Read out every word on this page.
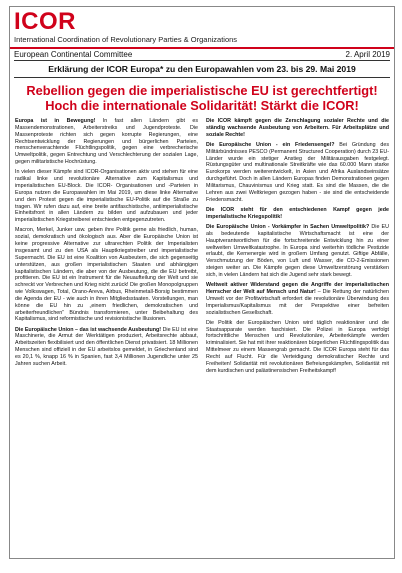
ICOR
International Coordination of Revolutionary Parties & Organizations
European Continental Committee	2. April 2019
Erklärung der ICOR Europa* zu den Europawahlen vom 23. bis 29. Mai 2019
Rebellion gegen die imperialistische EU ist gerechtfertigt!
Hoch die internationale Solidarität! Stärkt die ICOR!

Europa ist in Bewegung! In fast allen Ländern gibt es Massendemonstrationen, Arbeiterstreiks und Jugendproteste. Die Massenproteste richten sich gegen korrupte Regierungen, eine Rechtsentwicklung der Regierungen und bürgerlichen Parteien, menschenverachtende Flüchtlingspolitik, gegen eine verbrecherische Umweltpolitik, gegen Entrechtung und Verschlechterung der sozialen Lage, gegen militaristische Hochrüstung.

In vielen dieser Kämpfe sind ICOR-Organisationen aktiv und stehen für eine radikal linke und revolutionäre Alternative zum Kapitalismus und imperialistischen EU-Block. Die ICOR- Organisationen und -Parteien in Europa nutzen die Europawahlen im Mai 2019, um diese linke Alternative und den Protest gegen die imperialistische EU-Politik auf die Straße zu tragen. Wir rufen dazu auf, eine breite antifaschistische, antiimperialistische Einheitsfront in allen Ländern zu bilden und aufzubauen und jeder imperialistischen Kriegstreiberei entschieden entgegenzutreten.

Macron, Merkel, Junker usw. geben ihre Politik gerne als friedlich, human, sozial, demokratisch und ökologisch aus. Aber die Europäische Union ist keine progressive Alternative zur ultrarechten Politik der Imperialisten insgesamt und zu den USA als Hauptkriegstreiber und imperialistische Supermacht. Die EU ist eine Koalition von Ausbeutern, die sich gegenseitig unterstützen, aus großen imperialistischen Staaten und abhängigen kapitalistischen Ländern, die aber von der Ausbeutung, die die EU betreibt, profitieren. Die EU ist ein Instrument für die Neuaufteilung der Welt und sie schreckt vor Verbrechen und Krieg nicht zurück! Die großen Monopolgruppen wie Volkswagen, Total, Orano-Areva, Airbus, Rheinmetall-Borsig bestimmen die Agenda der EU - wie auch in ihren Mitgliedsstaaten. Vorstellungen, man könne die EU hin zu „einem friedlichen, demokratischen und arbeiterfreundlichen“ Bündnis transformieren, unter Beibehaltung des Kapitalismus, sind reformistische und revisionistische Illusionen.

Die Europäische Union – das ist wachsende Ausbeutung! Die EU ist eine Maschinerie, die Armut der Werktätigen produziert, Arbeitsrechte abbaut, Arbeitszeiten flexibilisiert und den öffentlichen Dienst privatisiert. 18 Millionen Menschen sind offiziell in der EU arbeitslos gemeldet, in Griechenland sind es 20,1 %, knapp 16 % in Spanien, fast 3,4 Millionen Jugendliche unter 25 Jahren suchen Arbeit.

Die ICOR kämpft gegen die Zerschlagung sozialer Rechte und die ständig wachsende Ausbeutung von Arbeitern. Für Arbeitsplätze und soziale Rechte!

Die Europäische Union - ein Friedensengel? Bei Gründung des Militärbündnisses PESCO (Permanent Structured Cooperation) durch 23 EU-Länder wurde ein stetiger Anstieg der Militärausgaben festgelegt. Rüstungsgüter und multinationale Streitkräfte wie das 60.000 Mann starke Eurokorps werden weiterentwickelt, in Asien und Afrika Auslandseinsätze durchgeführt. Doch in allen Ländern Europas finden Demonstrationen gegen Militarismus, Chauvinismus und Krieg statt. Es sind die Massen, die die Lehren aus zwei Weltkriegen gezogen haben - sie sind die entscheidende Friedensmacht.

Die ICOR steht für den entschiedenen Kampf gegen jede imperialistische Kriegspolitik!

Die Europäische Union - Vorkämpfer in Sachen Umweltpolitik? Die EU als bedeutende kapitalistische Wirtschaftsmacht ist eine der Hauptverantwortlichen für die fortschreitende Entwicklung hin zu einer weltweiten Umweltkatastrophe. In Europa sind weiterhin tödliche Pestizide erlaubt, die Kernenergie wird in großem Umfang genutzt. Giftige Abfälle, Verschmutzung der Böden, von Luft und Wasser, die CO-2-Emissionen steigen weiter an. Die Kämpfe gegen diese Umweltzerstörung verstärken sich, in vielen Ländern hat sich die Jugend sehr stark bewegt.

Weltweit aktiver Widerstand gegen die Angriffe der imperialistischen Herrscher der Welt auf Mensch und Natur! – Die Rettung der natürlichen Umwelt vor der Profitwirtschaft erfordert die revolutionäre Überwindung des Imperialismus/Kapitalismus mit der Perspektive einer befreiten sozialistischen Gesellschaft.

Die Politik der Europäischen Union wird täglich reaktionärer und die Staatsapparate werden faschisiert. Die Polizei in Europa verfolgt fortschrittliche Menschen und Revolutionäre, Arbeiterkämpfe werden kriminalisiert. Sie hat mit ihrer reaktionären bürgerlichen Flüchtlingspolitik das Mittelmeer zu einem Massengrab gemacht. Die ICOR Europa steht für das Recht auf Flucht. Für die Verteidigung demokratischer Rechte und Freiheiten! Solidarität mit revolutionären Befreiungskämpfen, Solidarität mit dem kurdischen und palästinensischen Freiheitskampf!
